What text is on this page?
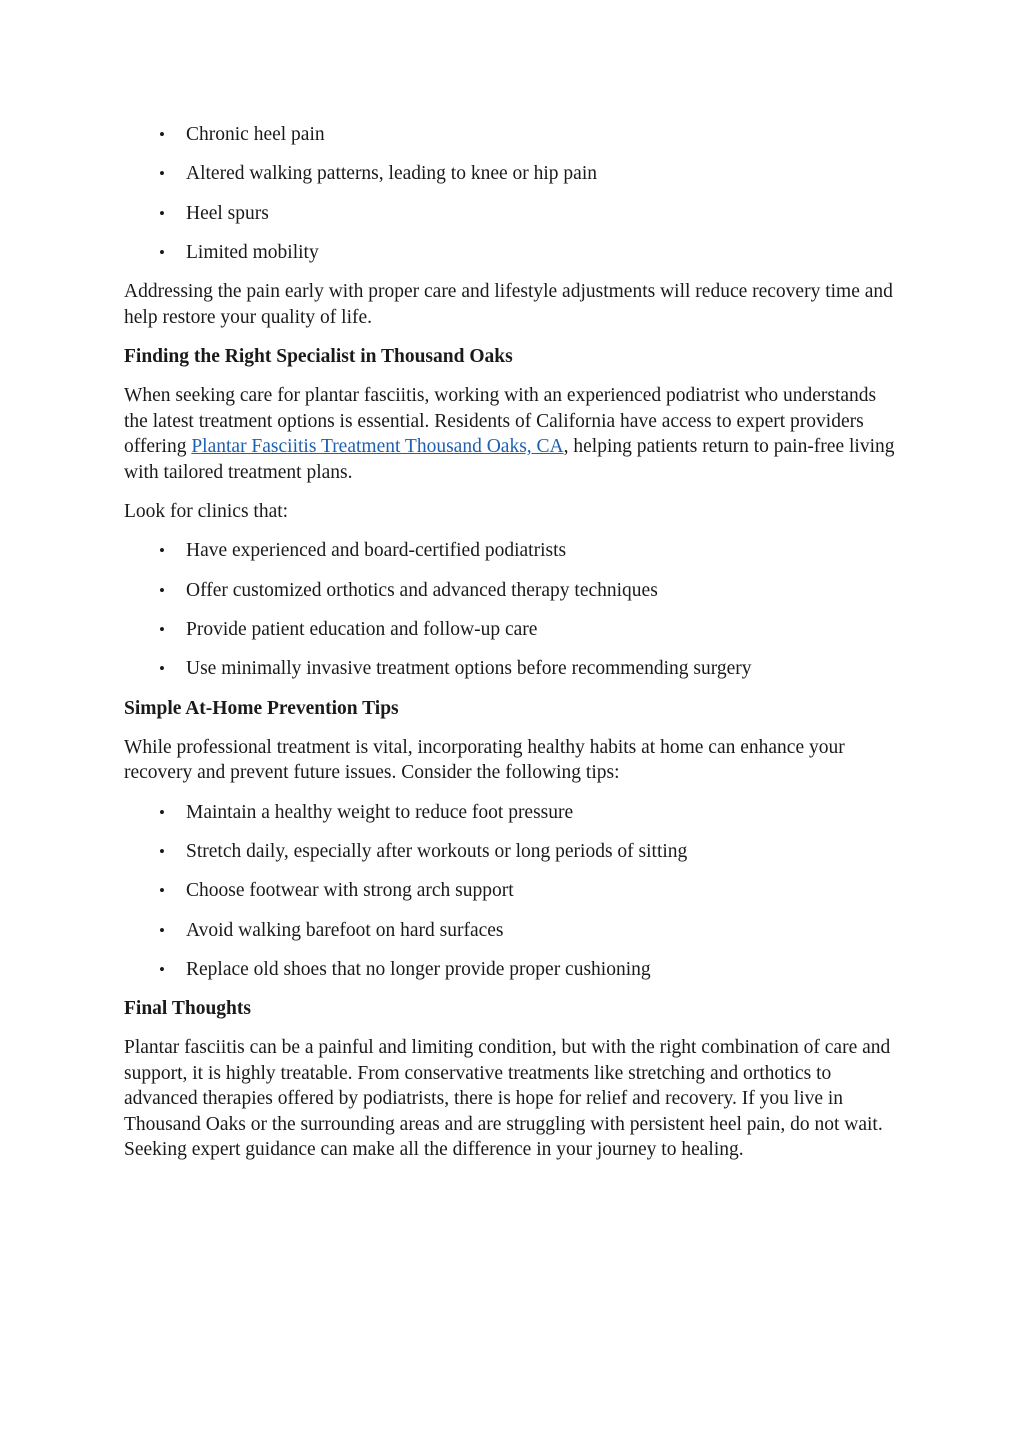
• Chronic heel pain
• Altered walking patterns, leading to knee or hip pain
• Heel spurs
• Limited mobility

Addressing the pain early with proper care and lifestyle adjustments will reduce recovery time and help restore your quality of life.

Finding the Right Specialist in Thousand Oaks

When seeking care for plantar fasciitis, working with an experienced podiatrist who understands the latest treatment options is essential. Residents of California have access to expert providers offering Plantar Fasciitis Treatment Thousand Oaks, CA, helping patients return to pain-free living with tailored treatment plans.

Look for clinics that:

• Have experienced and board-certified podiatrists
• Offer customized orthotics and advanced therapy techniques
• Provide patient education and follow-up care
• Use minimally invasive treatment options before recommending surgery
Simple At-Home Prevention Tips

While professional treatment is vital, incorporating healthy habits at home can enhance your recovery and prevent future issues. Consider the following tips:

• Maintain a healthy weight to reduce foot pressure
• Stretch daily, especially after workouts or long periods of sitting
• Choose footwear with strong arch support
• Avoid walking barefoot on hard surfaces
• Replace old shoes that no longer provide proper cushioning
Final Thoughts

Plantar fasciitis can be a painful and limiting condition, but with the right combination of care and support, it is highly treatable. From conservative treatments like stretching and orthotics to advanced therapies offered by podiatrists, there is hope for relief and recovery. If you live in Thousand Oaks or the surrounding areas and are struggling with persistent heel pain, do not wait. Seeking expert guidance can make all the difference in your journey to healing.
